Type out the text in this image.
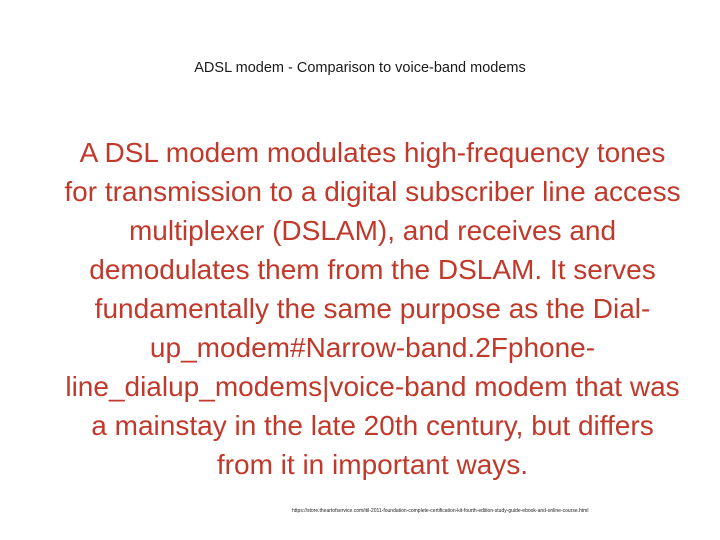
ADSL modem - Comparison to voice-band modems

A DSL modem modulates high-frequency tones for transmission to a digital subscriber line access multiplexer (DSLAM), and receives and demodulates them from the DSLAM. It serves fundamentally the same purpose as the Dial-up_modem#Narrow-band.2Fphone-line_dialup_modems|voice-band modem that was a mainstay in the late 20th century, but differs from it in important ways.

https://store.theartofservice.com/itil-2011-foundation-complete-certification-kit-fourth-edition-study-guide-ebook-and-online-course.html
